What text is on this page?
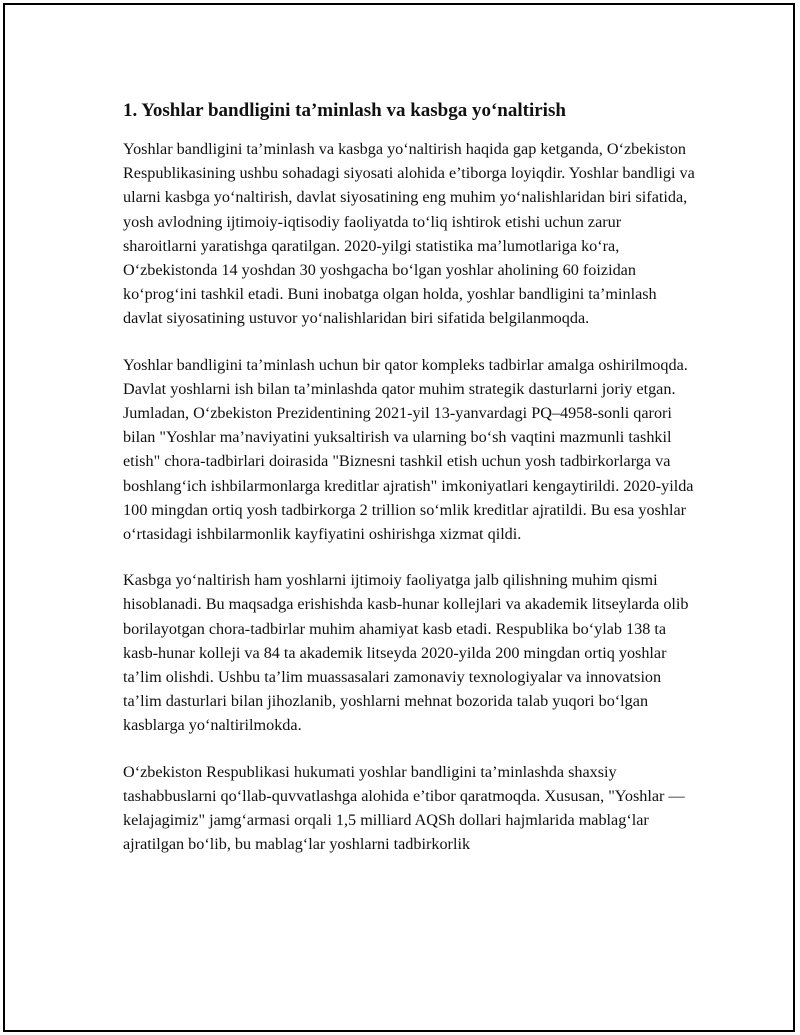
1. Yoshlar bandligini ta’minlash va kasbga yo‘naltirish

Yoshlar bandligini ta’minlash va kasbga yo‘naltirish haqida gap ketganda, O‘zbekiston Respublikasining ushbu sohadagi siyosati alohida e’tiborga loyiqdir. Yoshlar bandligi va ularni kasbga yo‘naltirish, davlat siyosatining eng muhim yo‘nalishlaridan biri sifatida, yosh avlodning ijtimoiy-iqtisodiy faoliyatda to‘liq ishtirok etishi uchun zarur sharoitlarni yaratishga qaratilgan. 2020-yilgi statistika ma’lumotlariga ko‘ra, O‘zbekistonda 14 yoshdan 30 yoshgacha bo‘lgan yoshlar aholining 60 foizidan ko‘prog‘ini tashkil etadi. Buni inobatga olgan holda, yoshlar bandligini ta’minlash davlat siyosatining ustuvor yo‘nalishlaridan biri sifatida belgilanmoqda.

Yoshlar bandligini ta’minlash uchun bir qator kompleks tadbirlar amalga oshirilmoqda. Davlat yoshlarni ish bilan ta’minlashda qator muhim strategik dasturlarni joriy etgan. Jumladan, O‘zbekiston Prezidentining 2021-yil 13-yanvardagi PQ–4958-sonli qarori bilan "Yoshlar ma’naviyatini yuksaltirish va ularning bo‘sh vaqtini mazmunli tashkil etish" chora-tadbirlari doirasida "Biznesni tashkil etish uchun yosh tadbirkorlarga va boshlang‘ich ishbilarmonlarga kreditlar ajratish" imkoniyatlari kengaytirildi. 2020-yilda 100 mingdan ortiq yosh tadbirkorga 2 trillion so‘mlik kreditlar ajratildi. Bu esa yoshlar o‘rtasidagi ishbilarmonlik kayfiyatini oshirishga xizmat qildi.

Kasbga yo‘naltirish ham yoshlarni ijtimoiy faoliyatga jalb qilishning muhim qismi hisoblanadi. Bu maqsadga erishishda kasb-hunar kollejlari va akademik litseylarda olib borilayotgan chora-tadbirlar muhim ahamiyat kasb etadi. Respublika bo‘ylab 138 ta kasb-hunar kolleji va 84 ta akademik litseyda 2020-yilda 200 mingdan ortiq yoshlar ta’lim olishdi. Ushbu ta’lim muassasalari zamonaviy texnologiyalar va innovatsion ta’lim dasturlari bilan jihozlanib, yoshlarni mehnat bozorida talab yuqori bo‘lgan kasblarga yo‘naltirilmokda.

O‘zbekiston Respublikasi hukumati yoshlar bandligini ta’minlashda shaxsiy tashabbuslarni qo‘llab-quvvatlashga alohida e’tibor qaratmoqda. Xususan, "Yoshlar — kelajagimiz" jamg‘armasi orqali 1,5 milliard AQSh dollari hajmlarida mablag‘lar ajratilgan bo‘lib, bu mablag‘lar yoshlarni tadbirkorlik
